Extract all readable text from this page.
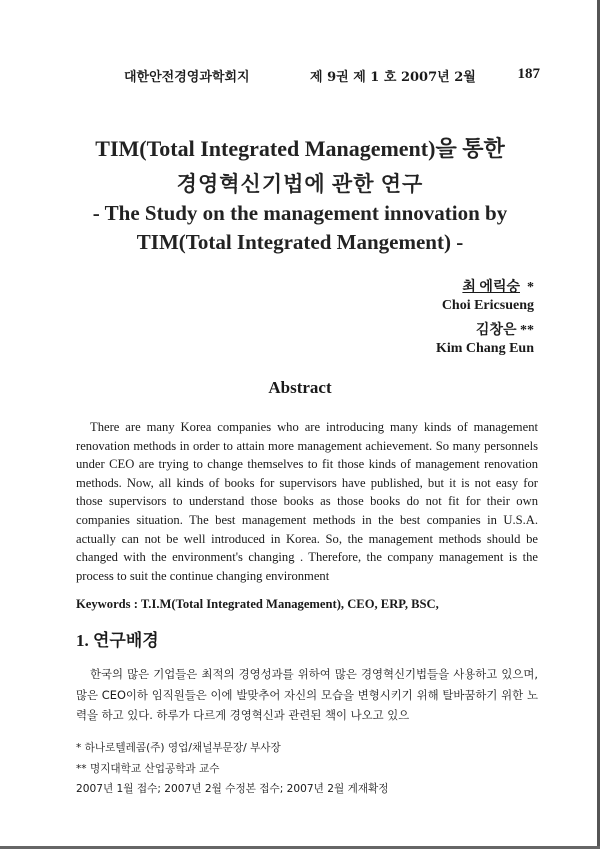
대한안전경영과학회지	제 9권 제 1 호 2007년 2월	187
TIM(Total Integrated Management)을 통한
경영혁신기법에 관한 연구
- The Study on the management innovation by
TIM(Total Integrated Mangement) -
최 에릭숭 *
Choi Ericsueng
김창은 **
Kim Chang Eun
Abstract

There are many Korea companies who are introducing many kinds of management renovation methods in order to attain more management achievement. So many personnels under CEO are trying to change themselves to fit those kinds of management renovation methods. Now, all kinds of books for supervisors have published, but it is not easy for those supervisors to understand those books as those books do not fit for their own companies situation. The best management methods in the best companies in U.S.A. actually can not be well introduced in Korea. So, the management methods should be changed with the environment's changing . Therefore, the company management is the process to suit the continue changing environment

Keywords : T.I.M(Total Integrated Management), CEO, ERP, BSC,
1. 연구배경

한국의 많은 기업들은 최적의 경영성과를 위하여 많은 경영혁신기법들을 사용하고 있으며, 많은 CEO이하 임직원들은 이에 발맞추어 자신의 모습을 변형시키기 위해 탈바꿈하기 위한 노력을 하고 있다. 하루가 다르게 경영혁신과 관련된 책이 나오고 있으

* 하나로텔레콤(주) 영업/채널부문장/ 부사장
** 명지대학교 산업공학과 교수
2007년 1월 접수; 2007년 2월 수정본 접수; 2007년 2월 게재확정
